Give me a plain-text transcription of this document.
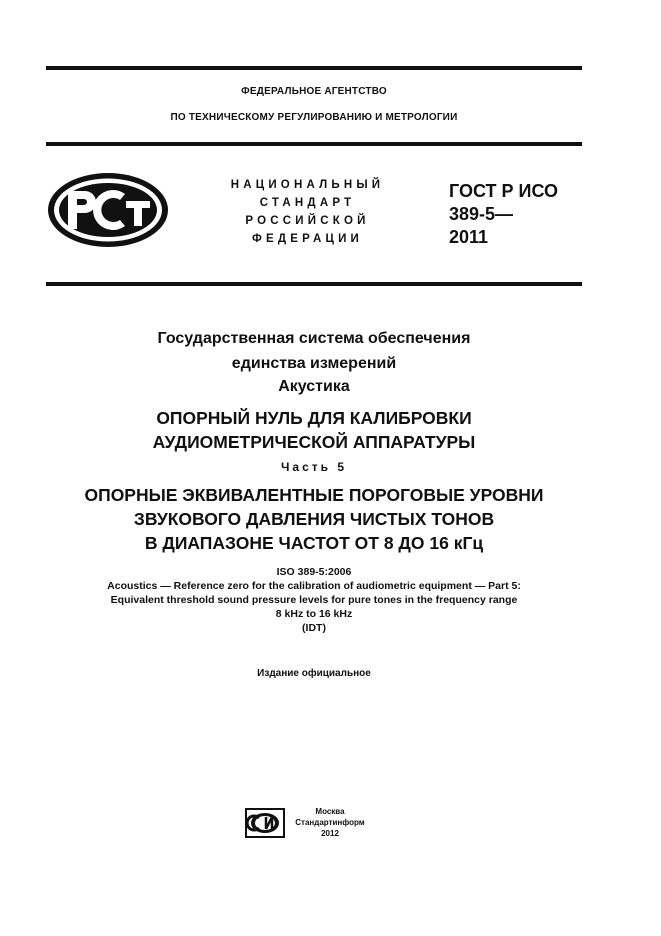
ФЕДЕРАЛЬНОЕ АГЕНТСТВО
ПО ТЕХНИЧЕСКОМУ РЕГУЛИРОВАНИЮ И МЕТРОЛОГИИ
НАЦИОНАЛЬНЫЙ
СТАНДАРТ
РОССИЙСКОЙ
ФЕДЕРАЦИИ
ГОСТ Р ИСО
389-5—
2011
Государственная система обеспечения
единства измерений
Акустика
ОПОРНЫЙ НУЛЬ ДЛЯ КАЛИБРОВКИ
АУДИОМЕТРИЧЕСКОЙ АППАРАТУРЫ
Часть 5
ОПОРНЫЕ ЭКВИВАЛЕНТНЫЕ ПОРОГОВЫЕ УРОВНИ
ЗВУКОВОГО ДАВЛЕНИЯ ЧИСТЫХ ТОНОВ
В ДИАПАЗОНЕ ЧАСТОТ ОТ 8 ДО 16 кГц
ISO 389-5:2006
Acoustics — Reference zero for the calibration of audiometric equipment — Part 5:
Equivalent threshold sound pressure levels for pure tones in the frequency range
8 kHz to 16 kHz
(IDT)
Издание официальное
Москва
Стандартинформ
2012
